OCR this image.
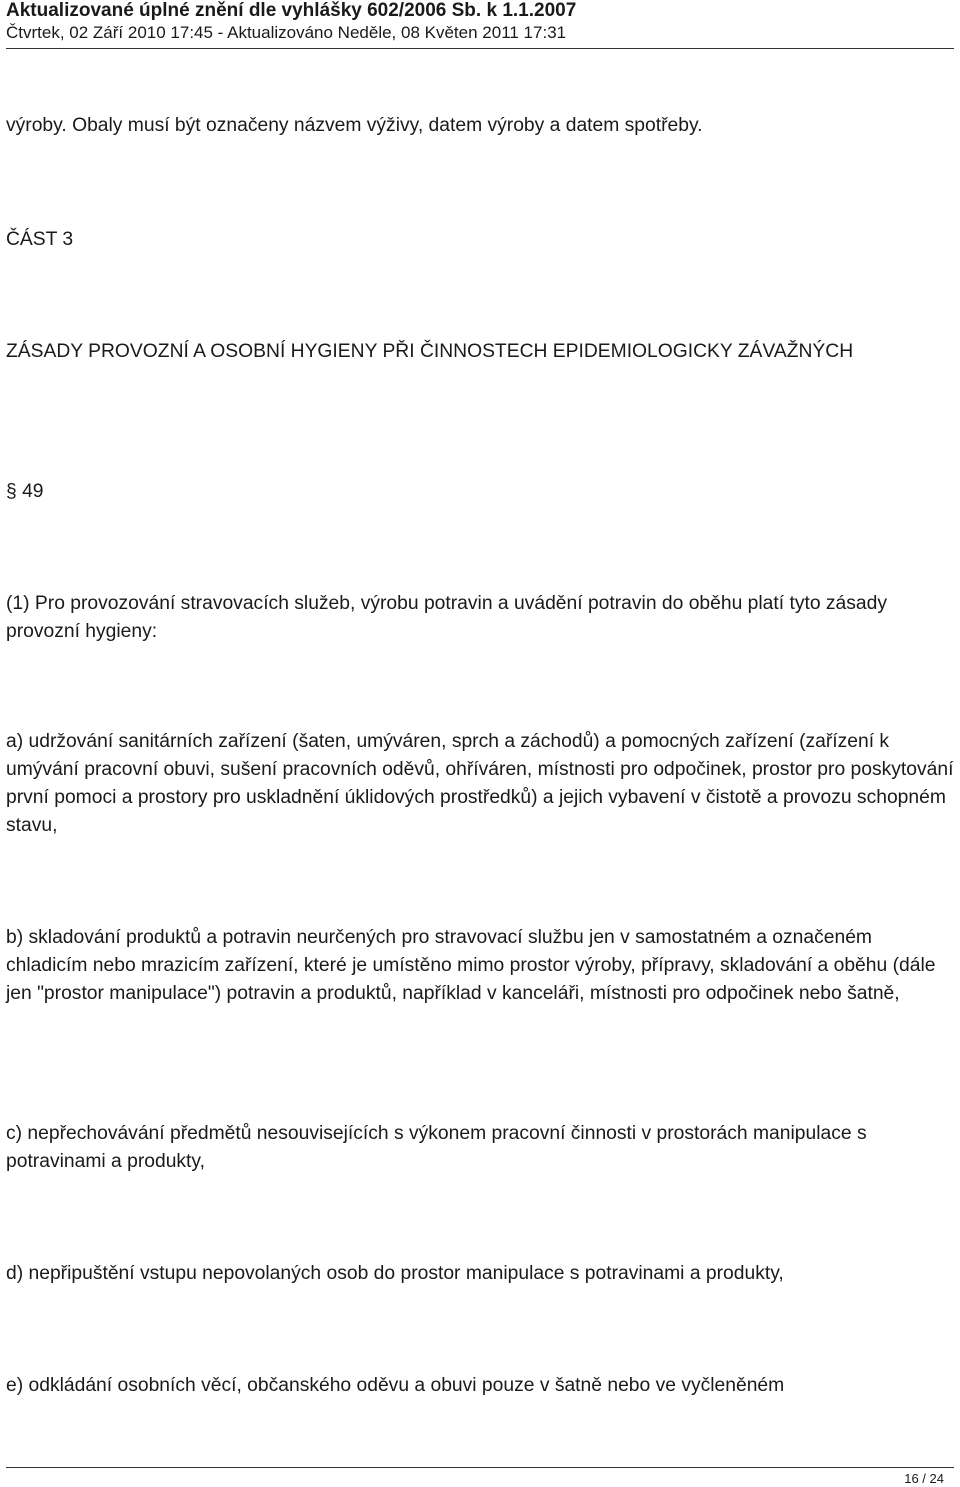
Aktualizované úplné znění dle vyhlášky 602/2006 Sb. k 1.1.2007
Čtvrtek, 02 Září 2010 17:45 - Aktualizováno Neděle, 08 Květen 2011 17:31

výroby. Obaly musí být označeny názvem výživy, datem výroby a datem spotřeby.

ČÁST 3

ZÁSADY PROVOZNÍ A OSOBNÍ HYGIENY PŘI ČINNOSTECH EPIDEMIOLOGICKY ZÁVAŽNÝCH

§ 49

(1) Pro provozování stravovacích služeb, výrobu potravin a uvádění potravin do oběhu platí tyto zásady provozní hygieny:

a) udržování sanitárních zařízení (šaten, umýváren, sprch a záchodů) a pomocných zařízení (zařízení k umývání pracovní obuvi, sušení pracovních oděvů, ohříváren, místnosti pro odpočinek, prostor pro poskytování první pomoci a prostory pro uskladnění úklidových prostředků) a jejich vybavení v čistotě a provozu schopném stavu,

b) skladování produktů a potravin neurčených pro stravovací službu jen v samostatném a označeném chladicím nebo mrazicím zařízení, které je umístěno mimo prostor výroby, přípravy, skladování a oběhu (dále jen "prostor manipulace") potravin a produktů, například v kanceláři, místnosti pro odpočinek nebo šatně,

c) nepřechovávání předmětů nesouvisejících s výkonem pracovní činnosti v prostorách manipulace s potravinami a produkty,

d) nepřipuštění vstupu nepovolaných osob do prostor manipulace s potravinami a produkty,

e) odkládání osobních věcí, občanského oděvu a obuvi pouze v šatně nebo ve vyčleněném

16 / 24
